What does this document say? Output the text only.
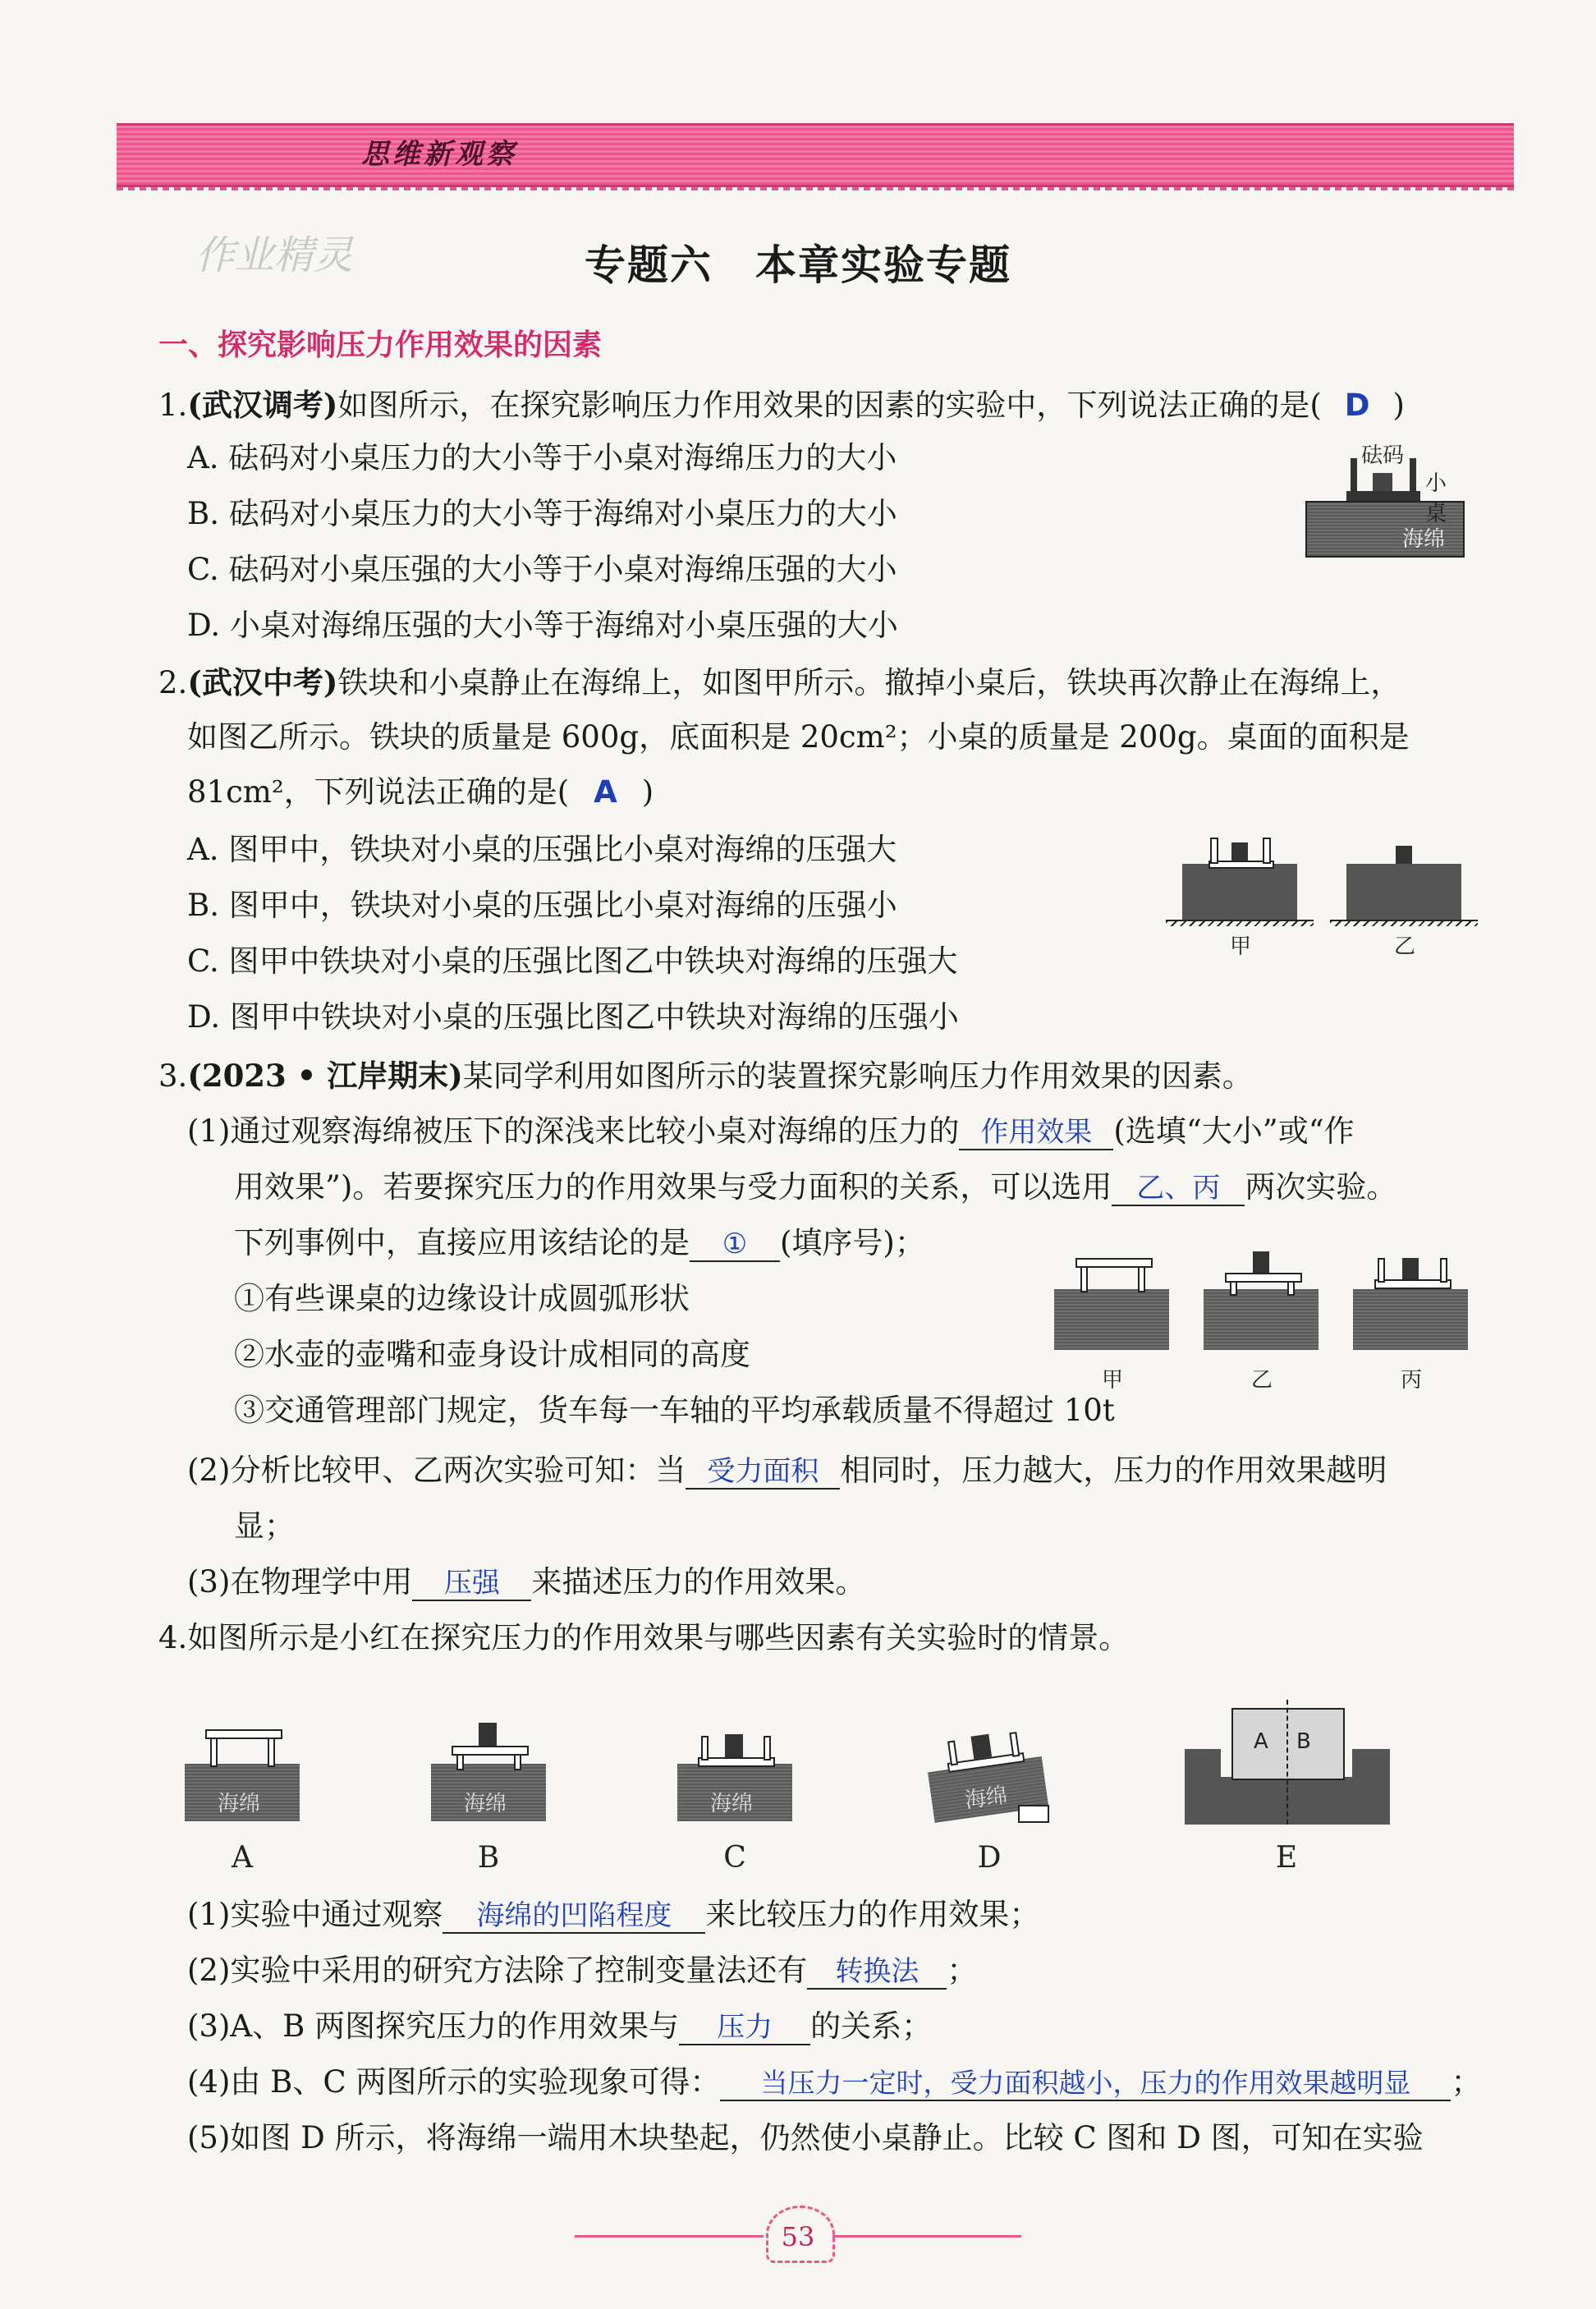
思维新观察
作业精灵	专题六　本章实验专题
一、探究影响压力作用效果的因素
1.(武汉调考)如图所示，在探究影响压力作用效果的因素的实验中，下列说法正确的是( D )
A. 砝码对小桌压力的大小等于小桌对海绵压力的大小
B. 砝码对小桌压力的大小等于海绵对小桌压力的大小
C. 砝码对小桌压强的大小等于小桌对海绵压强的大小
D. 小桌对海绵压强的大小等于海绵对小桌压强的大小
砝码
小桌
海绵
2.(武汉中考)铁块和小桌静止在海绵上，如图甲所示。撤掉小桌后，铁块再次静止在海绵上，
如图乙所示。铁块的质量是 600g，底面积是 20cm²；小桌的质量是 200g。桌面的面积是
81cm²，下列说法正确的是( A )
A. 图甲中，铁块对小桌的压强比小桌对海绵的压强大
B. 图甲中，铁块对小桌的压强比小桌对海绵的压强小
C. 图甲中铁块对小桌的压强比图乙中铁块对海绵的压强大
D. 图甲中铁块对小桌的压强比图乙中铁块对海绵的压强小
甲	乙
3.(2023 • 江岸期末)某同学利用如图所示的装置探究影响压力作用效果的因素。
(1)通过观察海绵被压下的深浅来比较小桌对海绵的压力的 作用效果 (选填“大小”或“作
用效果”)。若要探究压力的作用效果与受力面积的关系，可以选用 乙、丙 两次实验。
下列事例中，直接应用该结论的是 ① (填序号)；
①有些课桌的边缘设计成圆弧形状
②水壶的壶嘴和壶身设计成相同的高度
③交通管理部门规定，货车每一车轴的平均承载质量不得超过 10t
(2)分析比较甲、乙两次实验可知：当 受力面积 相同时，压力越大，压力的作用效果越明
显；
(3)在物理学中用 压强 来描述压力的作用效果。
甲	乙	丙
4.如图所示是小红在探究压力的作用效果与哪些因素有关实验时的情景。
海绵
A
海绵
B
海绵
C
海绵
D
A B
E
(1)实验中通过观察 海绵的凹陷程度 来比较压力的作用效果；
(2)实验中采用的研究方法除了控制变量法还有 转换法 ；
(3)A、B 两图探究压力的作用效果与 压力 的关系；
(4)由 B、C 两图所示的实验现象可得： 当压力一定时，受力面积越小，压力的作用效果越明显 ；
(5)如图 D 所示，将海绵一端用木块垫起，仍然使小桌静止。比较 C 图和 D 图，可知在实验
53
